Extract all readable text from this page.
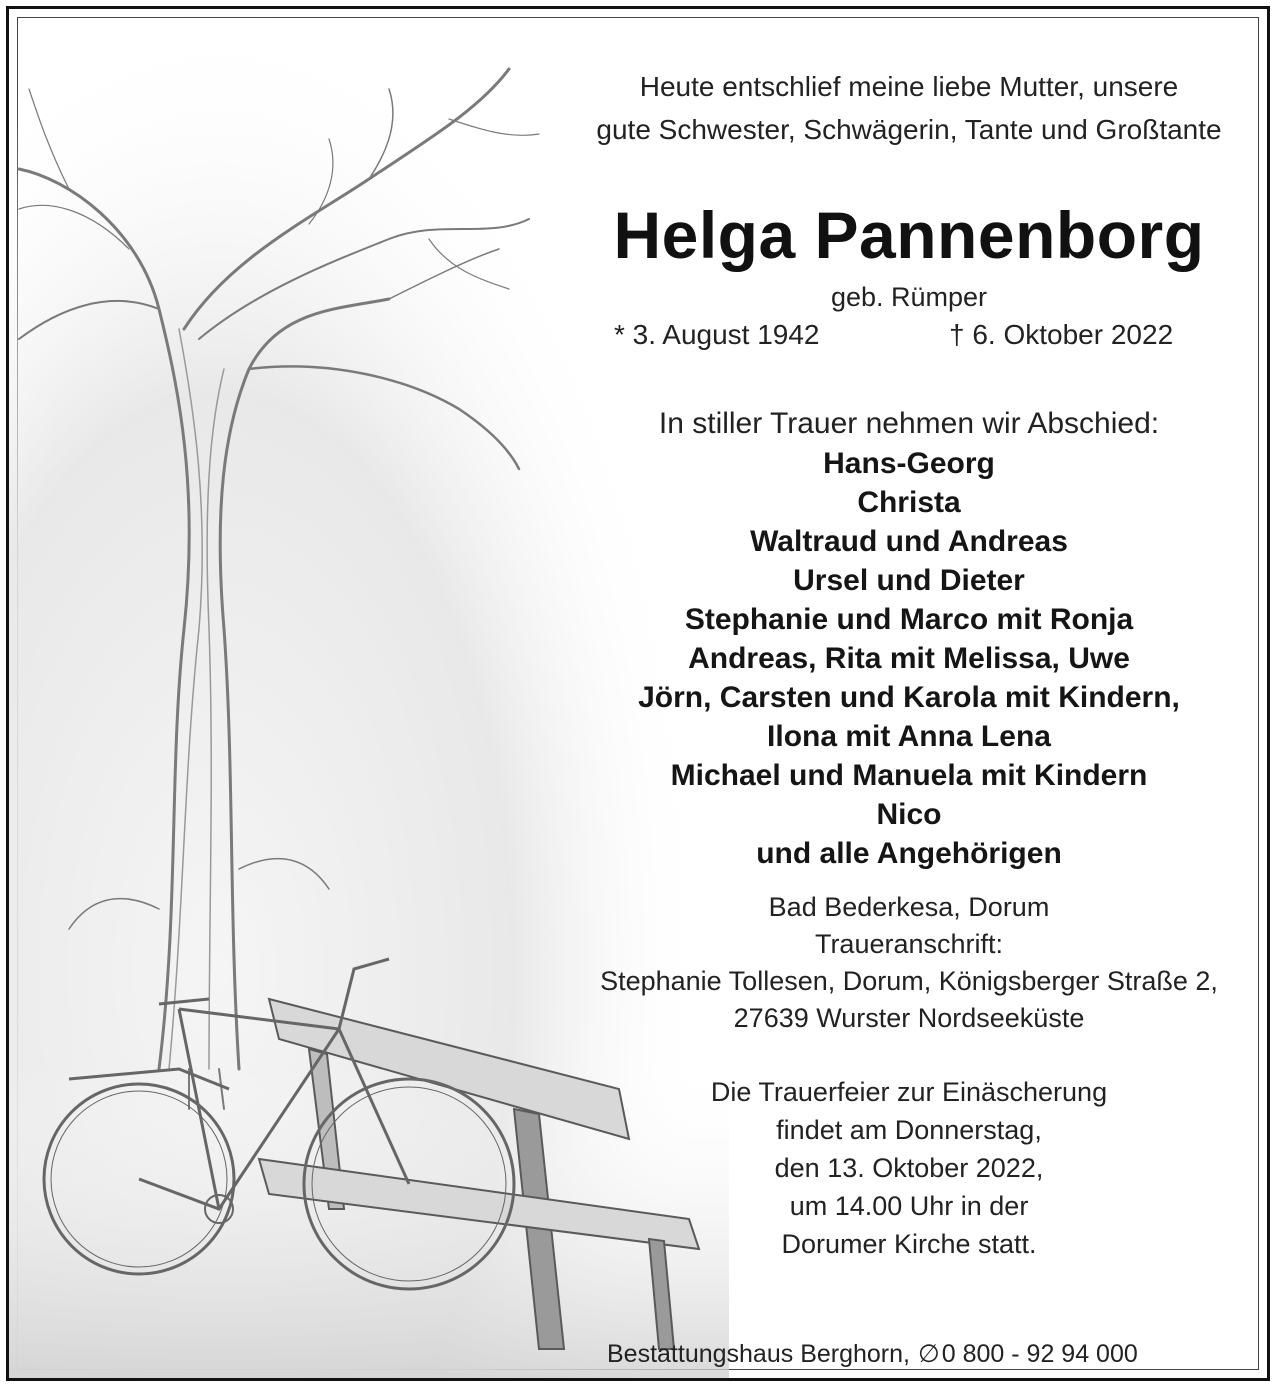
Heute entschlief meine liebe Mutter, unsere
gute Schwester, Schwägerin, Tante und Großtante
Helga Pannenborg
geb. Rümper
* 3. August 1942	† 6. Oktober 2022
In stiller Trauer nehmen wir Abschied:
Hans-Georg
Christa
Waltraud und Andreas
Ursel und Dieter
Stephanie und Marco mit Ronja
Andreas, Rita mit Melissa, Uwe
Jörn, Carsten und Karola mit Kindern,
Ilona mit Anna Lena
Michael und Manuela mit Kindern
Nico
und alle Angehörigen
Bad Bederkesa, Dorum
Traueranschrift:
Stephanie Tollesen, Dorum, Königsberger Straße 2,
27639 Wurster Nordseeküste
Die Trauerfeier zur Einäscherung
findet am Donnerstag,
den 13. Oktober 2022,
um 14.00 Uhr in der
Dorumer Kirche statt.
Bestattungshaus Berghorn, ∅0 800 - 92 94 000
